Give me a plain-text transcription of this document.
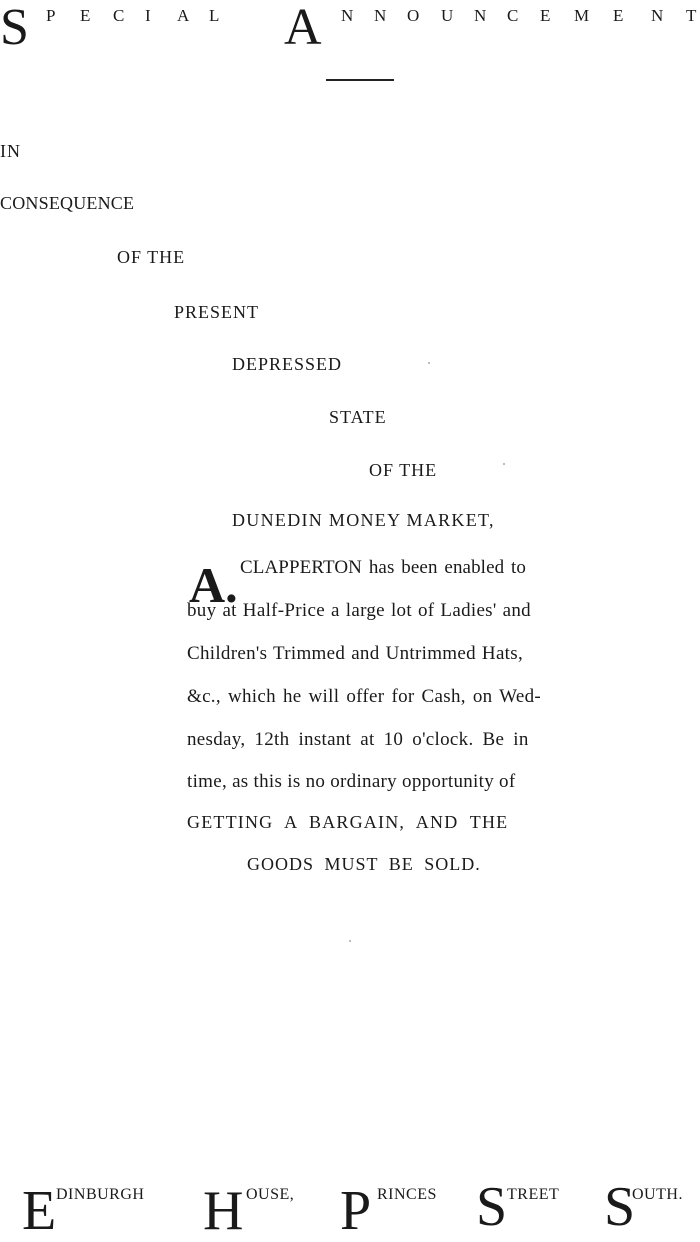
S P E C I A L A N N O U N C E M E N T
IN
CONSEQUENCE
OF THE
PRESENT
DEPRESSED
STATE
OF THE
DUNEDIN MONEY MARKET,
A. CLAPPERTON has been enabled to
buy at Half-Price a large lot of Ladies' and
Children's Trimmed and Untrimmed Hats,
&c., which he will offer for Cash, on Wed-
nesday, 12th instant at 10 o'clock. Be in
time, as this is no ordinary opportunity of
GETTING A BARGAIN, AND THE
GOODS MUST BE SOLD.
E DINBURGH H OUSE, P RINCES S TREET S
OUTH.
